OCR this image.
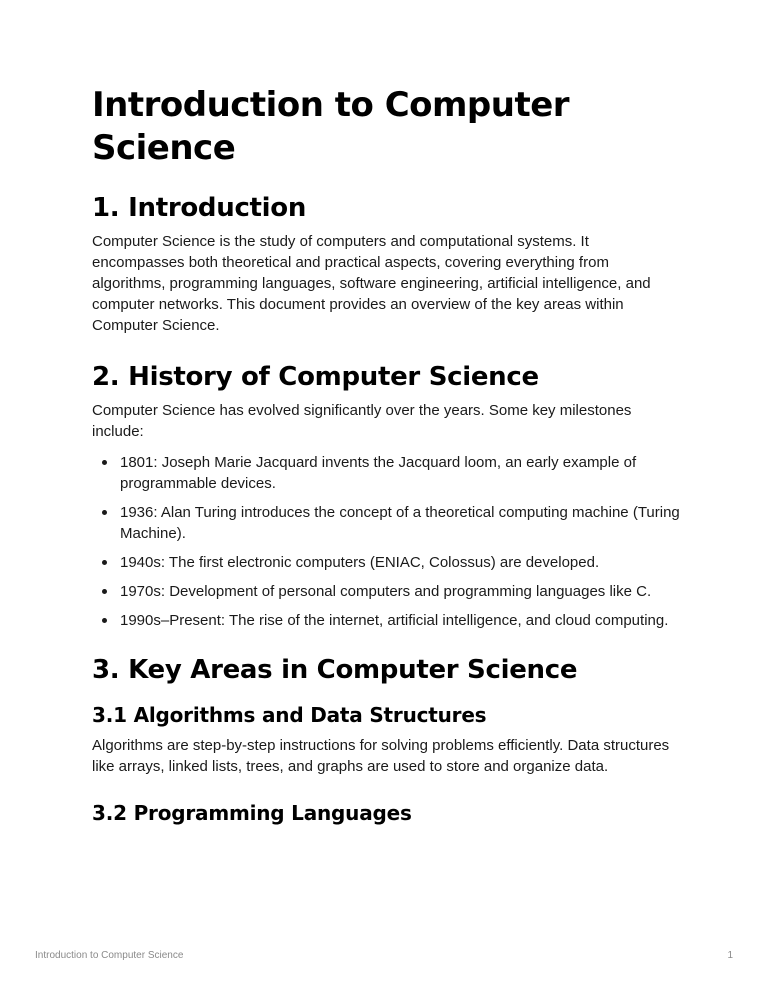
Introduction to Computer Science
1. Introduction

Computer Science is the study of computers and computational systems. It encompasses both theoretical and practical aspects, covering everything from algorithms, programming languages, software engineering, artificial intelligence, and computer networks. This document provides an overview of the key areas within Computer Science.

2. History of Computer Science

Computer Science has evolved significantly over the years. Some key milestones include:

1801: Joseph Marie Jacquard invents the Jacquard loom, an early example of programmable devices.
1936: Alan Turing introduces the concept of a theoretical computing machine (Turing Machine).
1940s: The first electronic computers (ENIAC, Colossus) are developed.
1970s: Development of personal computers and programming languages like C.
1990s–Present: The rise of the internet, artificial intelligence, and cloud computing.
3. Key Areas in Computer Science
3.1 Algorithms and Data Structures

Algorithms are step-by-step instructions for solving problems efficiently. Data structures like arrays, linked lists, trees, and graphs are used to store and organize data.

3.2 Programming Languages
Introduction to Computer Science	1
